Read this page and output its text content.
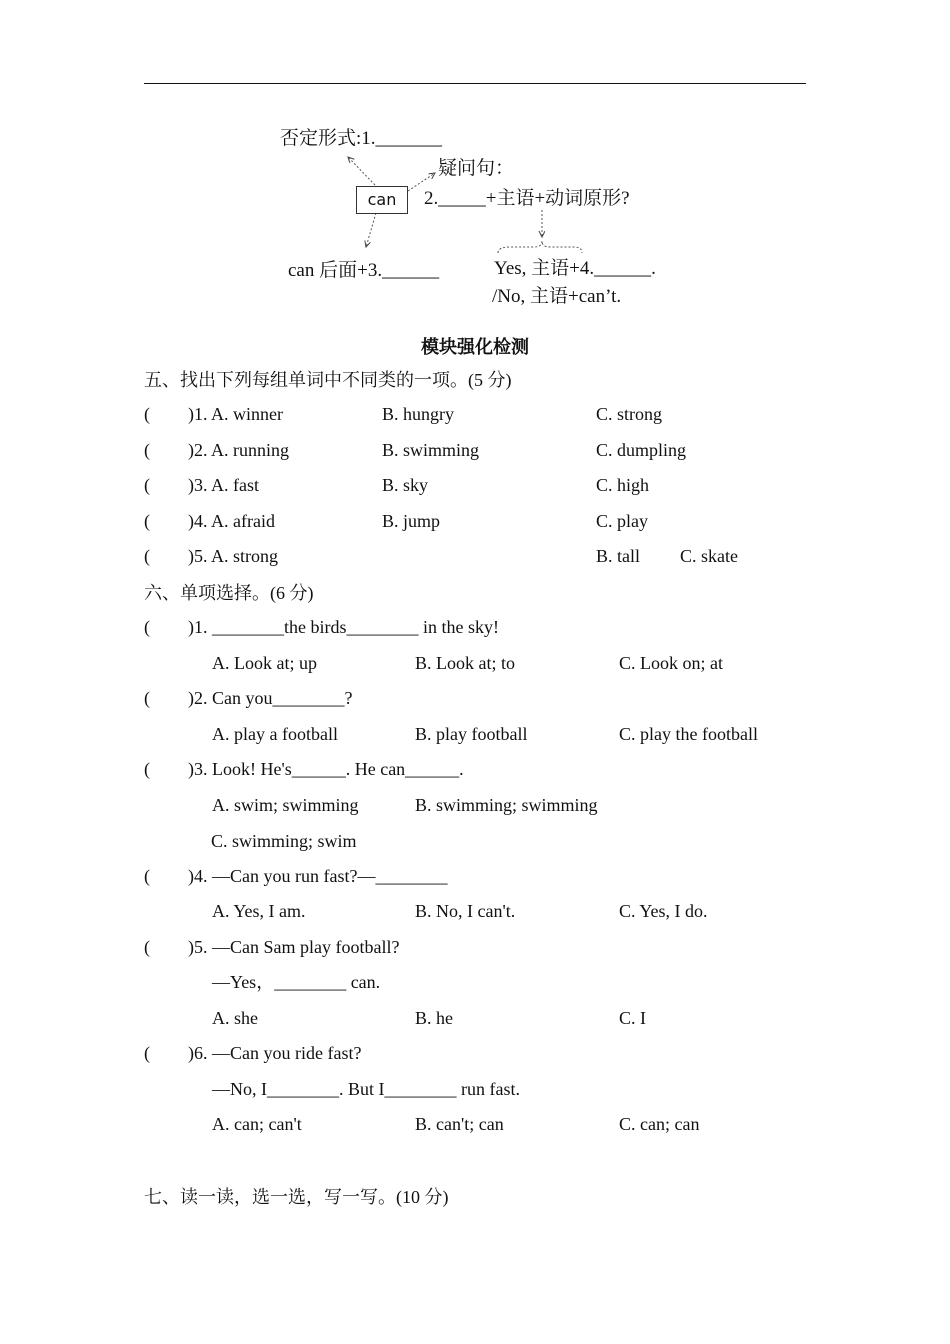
否定形式:1._______
疑问句：
2._____+主语+动词原形?
can
can 后面+3.______	Yes, 主语+4.______.
/No, 主语+can’t.
模块强化检测
五、找出下列每组单词中不同类的一项。(5 分)
( )1. A. winner	B. hungry	C. strong
( )2. A. running	B. swimming	C. dumpling
( )3. A. fast	B. sky	C. high
( )4. A. afraid	B. jump	C. play
( )5. A. strong	B. tall C. skate
六、单项选择。(6 分)
( )1. ________the birds________ in the sky!
A. Look at; up	B. Look at; to	C. Look on; at
( )2. Can you________?
A. play a football	B. play football	C. play the football
( )3. Look! He's______. He can______.
A. swim; swimming	B. swimming; swimming
C. swimming; swim
( )4. —Can you run fast?—________
A. Yes, I am.	B. No, I can't.	C. Yes, I do.
( )5. —Can Sam play football?
—Yes，________ can.
A. she	B. he	C. I
( )6. —Can you ride fast?
—No, I________. But I________ run fast.
A. can; can't	B. can't; can	C. can; can
七、读一读，选一选，写一写。(10 分)
